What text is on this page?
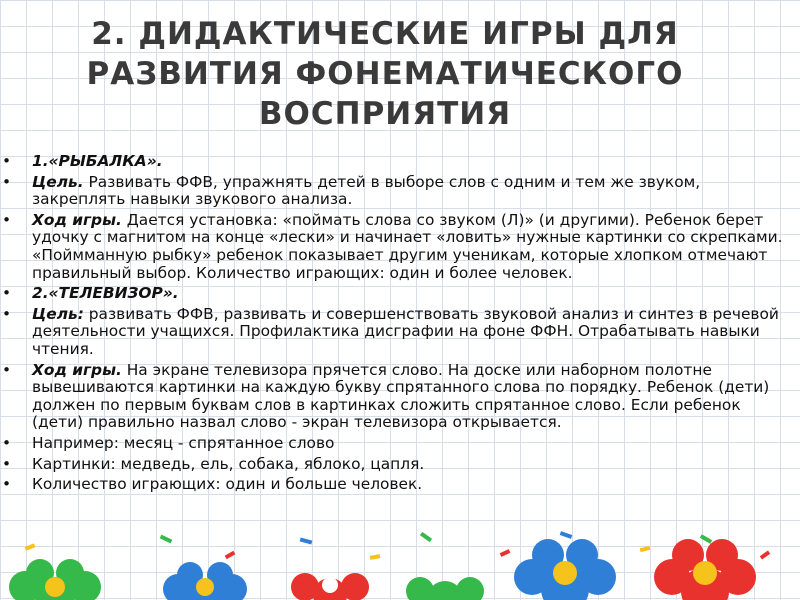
2. ДИДАКТИЧЕСКИЕ ИГРЫ ДЛЯ
РАЗВИТИЯ ФОНЕМАТИЧЕСКОГО
ВОСПРИЯТИЯ
• 1.«РЫБАЛКА».
• Цель. Развивать ФФВ, упражнять детей в выборе слов с одним и тем же звуком, закреплять навыки звукового анализа.
• Ход игры. Дается установка: «поймать слова со звуком (Л)» (и другими). Ребенок берет удочку с магнитом на конце «лески» и начинает «ловить» нужные картинки со скрепками. «Поймманную рыбку» ребенок показывает другим ученикам, которые хлопком отмечают правильный выбор. Количество играющих: один и более человек.
• 2.«ТЕЛЕВИЗОР».
• Цель: развивать ФФВ, развивать и совершенствовать звуковой анализ и синтез в речевой деятельности учащихся. Профилактика дисграфии на фоне ФФН. Отрабатывать навыки чтения.
• Ход игры. На экране телевизора прячется слово. На доске или наборном полотне вывешиваются картинки на каждую букву спрятанного слова по порядку. Ребенок (дети) должен по первым буквам слов в картинках сложить спрятанное слово. Если ребенок (дети) правильно назвал слово - экран телевизора открывается.
• Например: месяц - спрятанное слово
• Картинки: медведь, ель, собака, яблоко, цапля.
• Количество играющих: один и больше человек.
